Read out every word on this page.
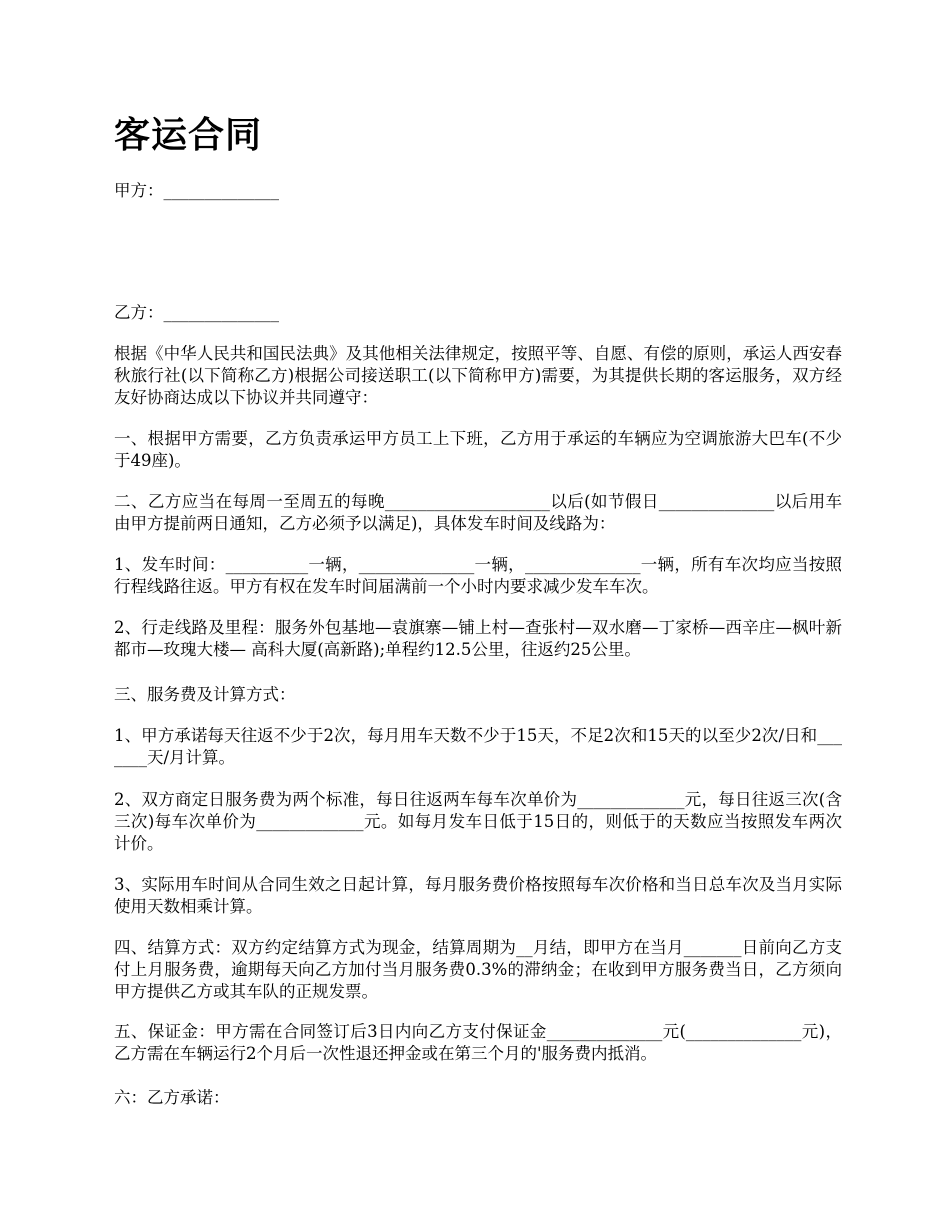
客运合同

甲方：______________

乙方：______________

根据《中华人民共和国民法典》及其他相关法律规定，按照平等、自愿、有偿的原则，承运人西安春秋旅行社(以下简称乙方)根据公司接送职工(以下简称甲方)需要，为其提供长期的客运服务，双方经友好协商达成以下协议并共同遵守：

一、根据甲方需要，乙方负责承运甲方员工上下班，乙方用于承运的车辆应为空调旅游大巴车(不少于49座)。

二、乙方应当在每周一至周五的每晚____________________以后(如节假日______________以后用车由甲方提前两日通知，乙方必须予以满足)，具体发车时间及线路为：

1、发车时间：__________一辆，______________一辆，______________一辆，所有车次均应当按照行程线路往返。甲方有权在发车时间届满前一个小时内要求减少发车车次。

2、行走线路及里程：服务外包基地—袁旗寨—铺上村—查张村—双水磨—丁家桥—西辛庄—枫叶新都市—玫瑰大楼— 高科大厦(高新路);单程约12.5公里，往返约25公里。

三、服务费及计算方式：

1、甲方承诺每天往返不少于2次，每月用车天数不少于15天，不足2次和15天的以至少2次/日和_______天/月计算。

2、双方商定日服务费为两个标准，每日往返两车每车次单价为_____________元，每日往返三次(含三次)每车次单价为_____________元。如每月发车日低于15日的，则低于的天数应当按照发车两次计价。

3、实际用车时间从合同生效之日起计算，每月服务费价格按照每车次价格和当日总车次及当月实际使用天数相乘计算。

四、结算方式：双方约定结算方式为现金，结算周期为__月结，即甲方在当月_______日前向乙方支付上月服务费，逾期每天向乙方加付当月服务费0.3%的滞纳金；在收到甲方服务费当日，乙方须向甲方提供乙方或其车队的正规发票。

五、保证金：甲方需在合同签订后3日内向乙方支付保证金______________元(______________元)，乙方需在车辆运行2个月后一次性退还押金或在第三个月的'服务费内抵消。

六：乙方承诺：
